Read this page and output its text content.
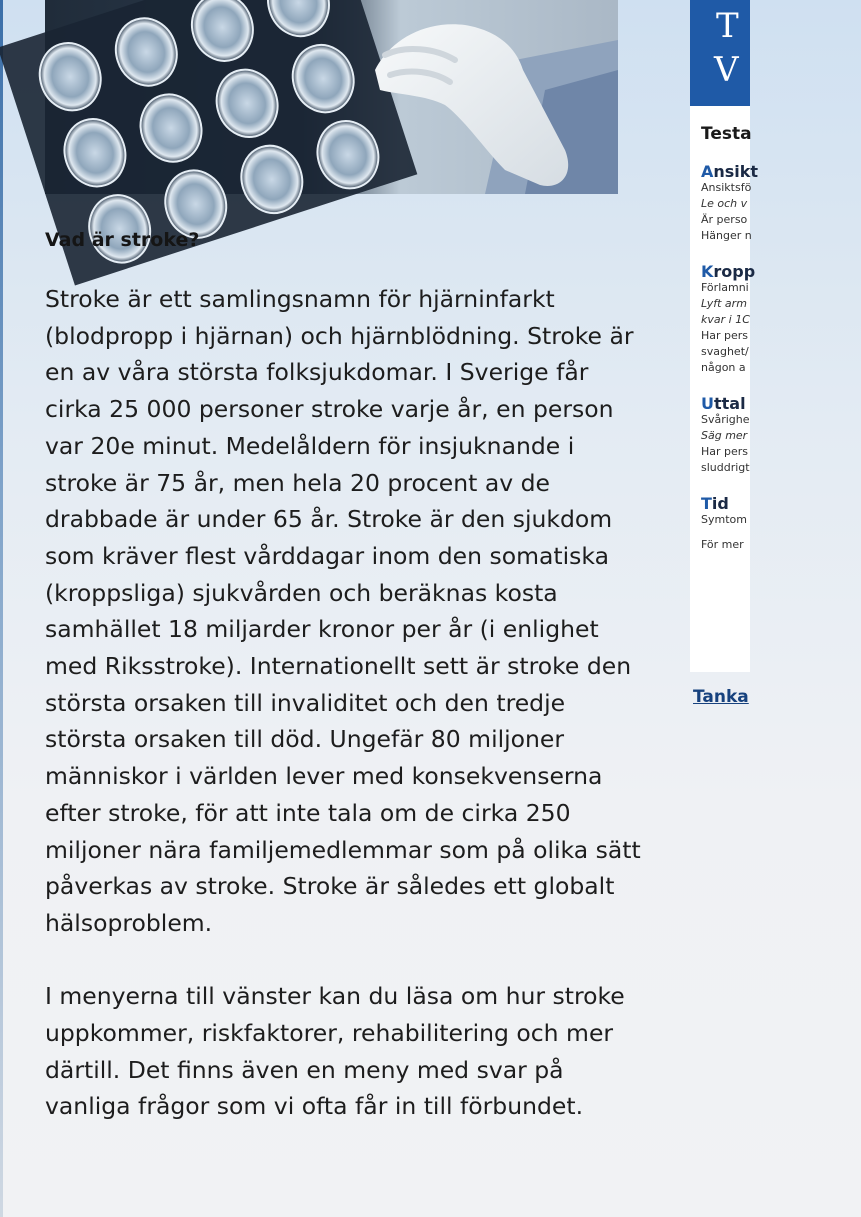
Vad är stroke?

Stroke är ett samlingsnamn för hjärninfarkt (blodpropp i hjärnan) och hjärnblödning. Stroke är en av våra största folksjukdomar. I Sverige får cirka 25 000 personer stroke varje år, en person var 20e minut. Medelåldern för insjuknande i stroke är 75 år, men hela 20 procent av de drabbade är under 65 år. Stroke är den sjukdom som kräver flest vårddagar inom den somatiska (kroppsliga) sjukvården och beräknas kosta samhället 18 miljarder kronor per år (i enlighet med Riksstroke). Internationellt sett är stroke den största orsaken till invaliditet och den tredje största orsaken till död. Ungefär 80 miljoner människor i världen lever med konsekvenserna efter stroke, för att inte tala om de cirka 250 miljoner nära familjemedlemmar som på olika sätt påverkas av stroke. Stroke är således ett globalt hälsoproblem.

I menyerna till vänster kan du läsa om hur stroke uppkommer, riskfaktorer, rehabilitering och mer därtill. Det finns även en meny med svar på vanliga frågor som vi ofta får in till förbundet.

T
V
Testa
Ansikt
Ansiktsfö
Le och v
Är perso
Hänger n
Kropp
Förlamni
Lyft arm
kvar i 1C
Har pers
svaghet/
någon a
Uttal
Svårighe
Säg mer
Har pers
sluddrigt
Tid
Symtom
För mer
Tanka
